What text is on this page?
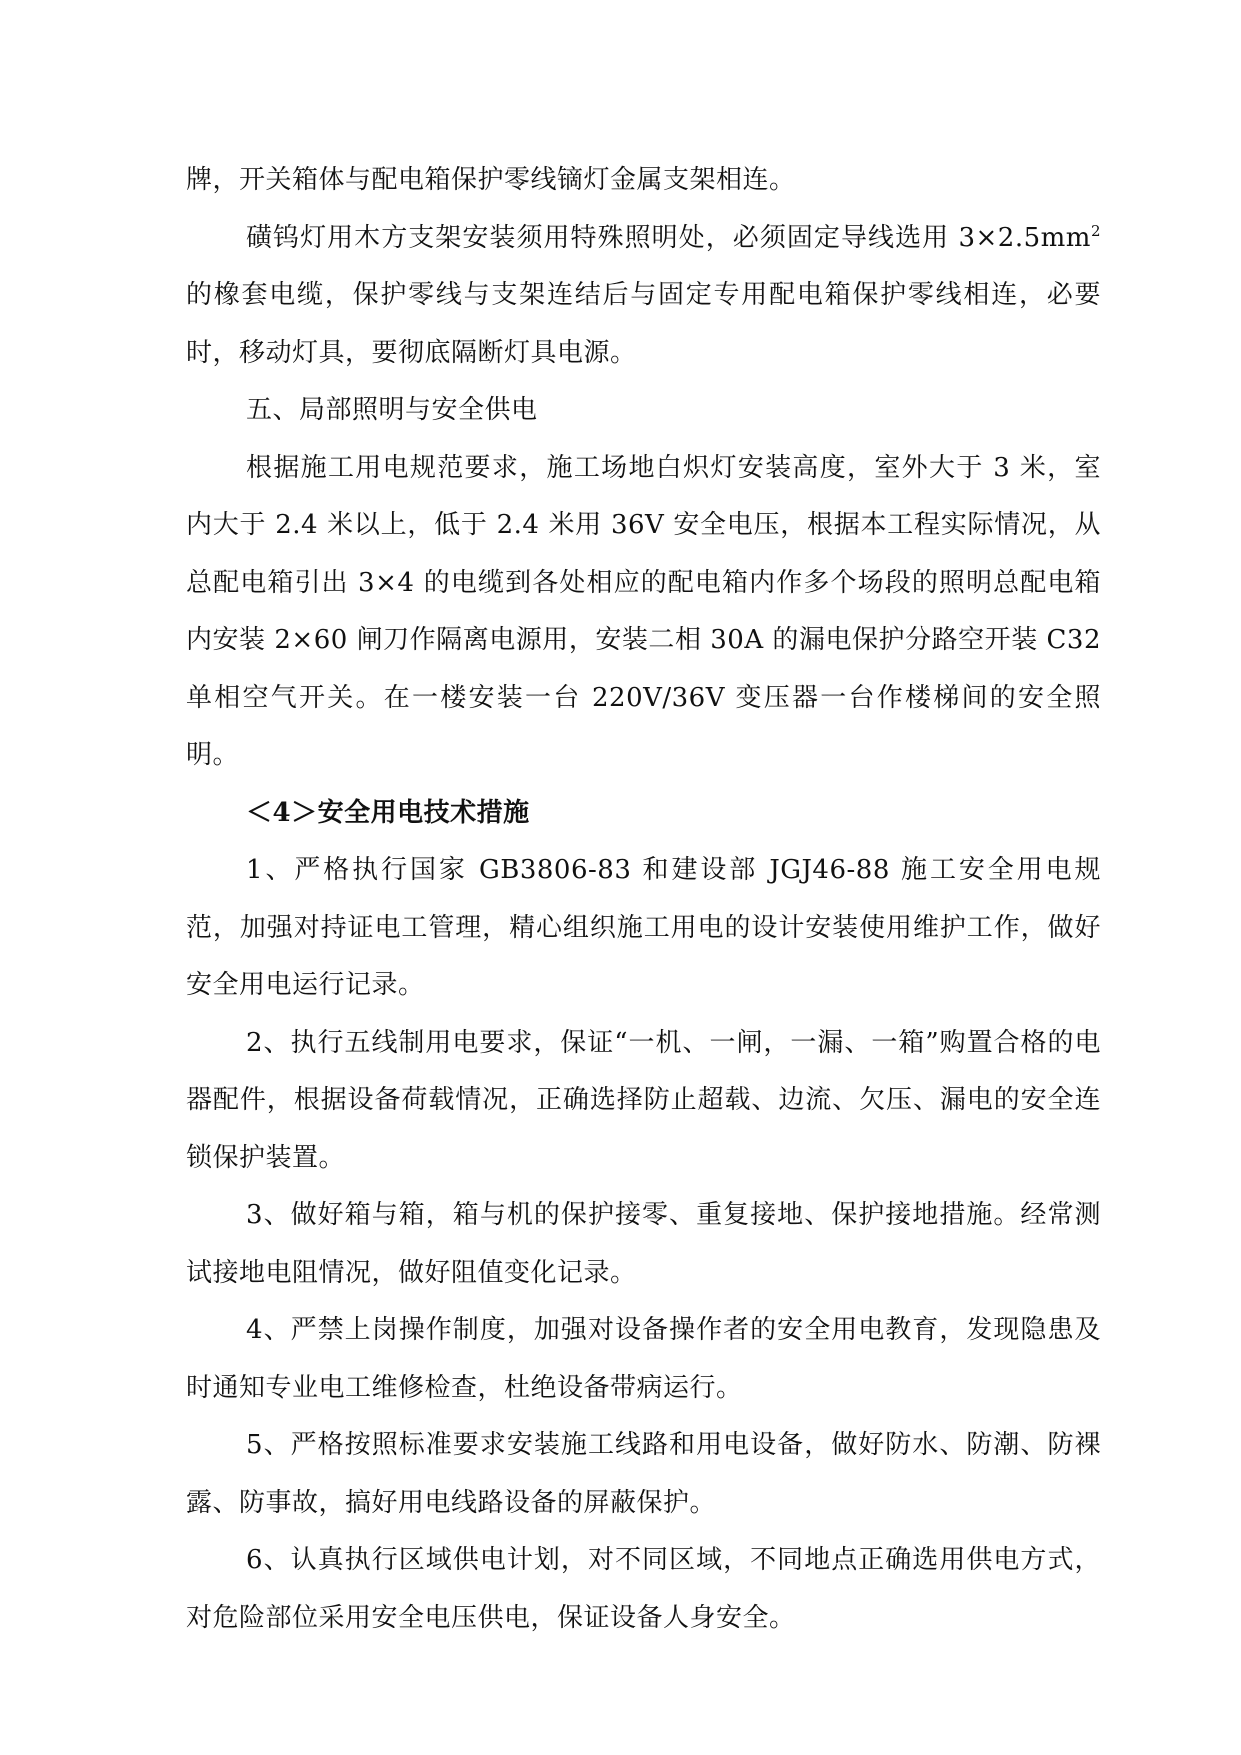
牌，开关箱体与配电箱保护零线镝灯金属支架相连。

磺钨灯用木方支架安装须用特殊照明处，必须固定导线选用 $3\times 2.5mm^2$的橡套电缆，保护零线与支架连结后与固定专用配电箱保护零线相连，必要时，移动灯具，要彻底隔断灯具电源。

五、局部照明与安全供电

根据施工用电规范要求，施工场地白炽灯安装高度，室外大于 3 米，室内大于 2.4 米以上，低于 2.4 米用 36V 安全电压，根据本工程实际情况，从总配电箱引出 3×4 的电缆到各处相应的配电箱内作多个场段的照明总配电箱内安装 2×60 闸刀作隔离电源用，安装二相 30A 的漏电保护分路空开装 C32 单相空气开关。在一楼安装一台 220V/36V 变压器一台作楼梯间的安全照明。

＜4＞安全用电技术措施

1、严格执行国家 GB3806-83 和建设部 JGJ46-88 施工安全用电规范，加强对持证电工管理，精心组织施工用电的设计安装使用维护工作，做好安全用电运行记录。

2、执行五线制用电要求，保证“一机、一闸，一漏、一箱”购置合格的电器配件，根据设备荷载情况，正确选择防止超载、边流、欠压、漏电的安全连锁保护装置。

3、做好箱与箱，箱与机的保护接零、重复接地、保护接地措施。经常测试接地电阻情况，做好阻值变化记录。

4、严禁上岗操作制度，加强对设备操作者的安全用电教育，发现隐患及时通知专业电工维修检查，杜绝设备带病运行。

5、严格按照标准要求安装施工线路和用电设备，做好防水、防潮、防裸露、防事故，搞好用电线路设备的屏蔽保护。

6、认真执行区域供电计划，对不同区域，不同地点正确选用供电方式，对危险部位采用安全电压供电，保证设备人身安全。
